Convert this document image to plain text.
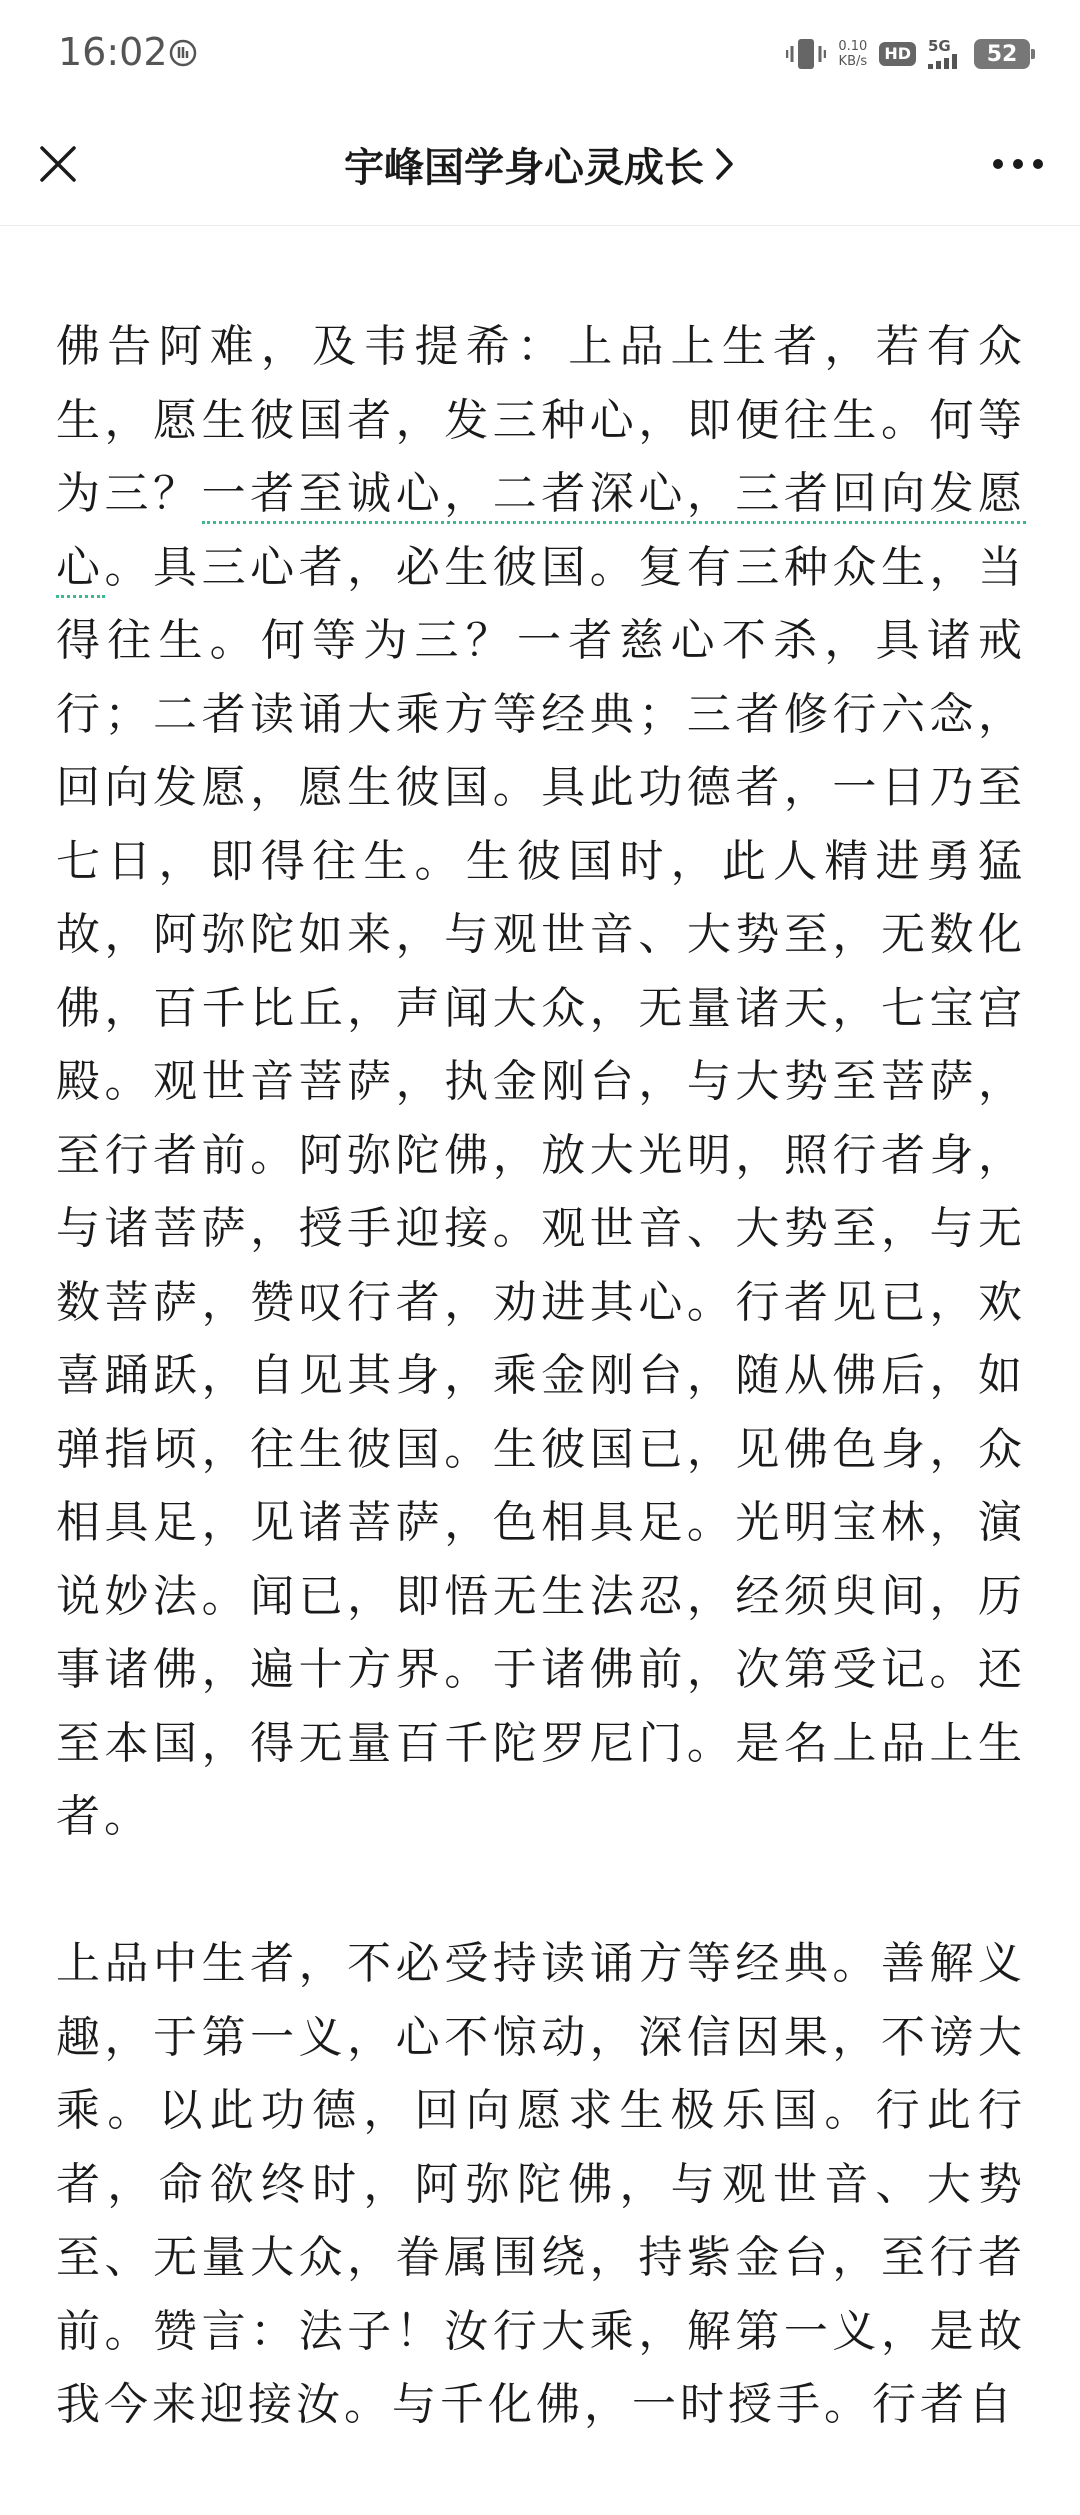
16:02	0.10
KB/s	HD	5G 52
宇峰国学身心灵成长

佛告阿难，及韦提希：上品上生者，若有众生，愿生彼国者，发三种心，即便往生。何等为三？一者至诚心，二者深心，三者回向发愿心。具三心者，必生彼国。复有三种众生，当得往生。何等为三？一者慈心不杀，具诸戒行；二者读诵大乘方等经典；三者修行六念，回向发愿，愿生彼国。具此功德者，一日乃至七日，即得往生。生彼国时，此人精进勇猛故，阿弥陀如来，与观世音、大势至，无数化佛，百千比丘，声闻大众，无量诸天，七宝宫殿。观世音菩萨，执金刚台，与大势至菩萨，至行者前。阿弥陀佛，放大光明，照行者身，与诸菩萨，授手迎接。观世音、大势至，与无数菩萨，赞叹行者，劝进其心。行者见已，欢喜踊跃，自见其身，乘金刚台，随从佛后，如弹指顷，往生彼国。生彼国已，见佛色身，众相具足，见诸菩萨，色相具足。光明宝林，演说妙法。闻已，即悟无生法忍，经须臾间，历事诸佛，遍十方界。于诸佛前，次第受记。还至本国，得无量百千陀罗尼门。是名上品上生者。

上品中生者，不必受持读诵方等经典。善解义趣，于第一义，心不惊动，深信因果，不谤大乘。以此功德，回向愿求生极乐国。行此行者，命欲终时，阿弥陀佛，与观世音、大势至、无量大众，眷属围绕，持紫金台，至行者前。赞言：法子！汝行大乘，解第一义，是故我今来迎接汝。与千化佛，一时授手。行者自
